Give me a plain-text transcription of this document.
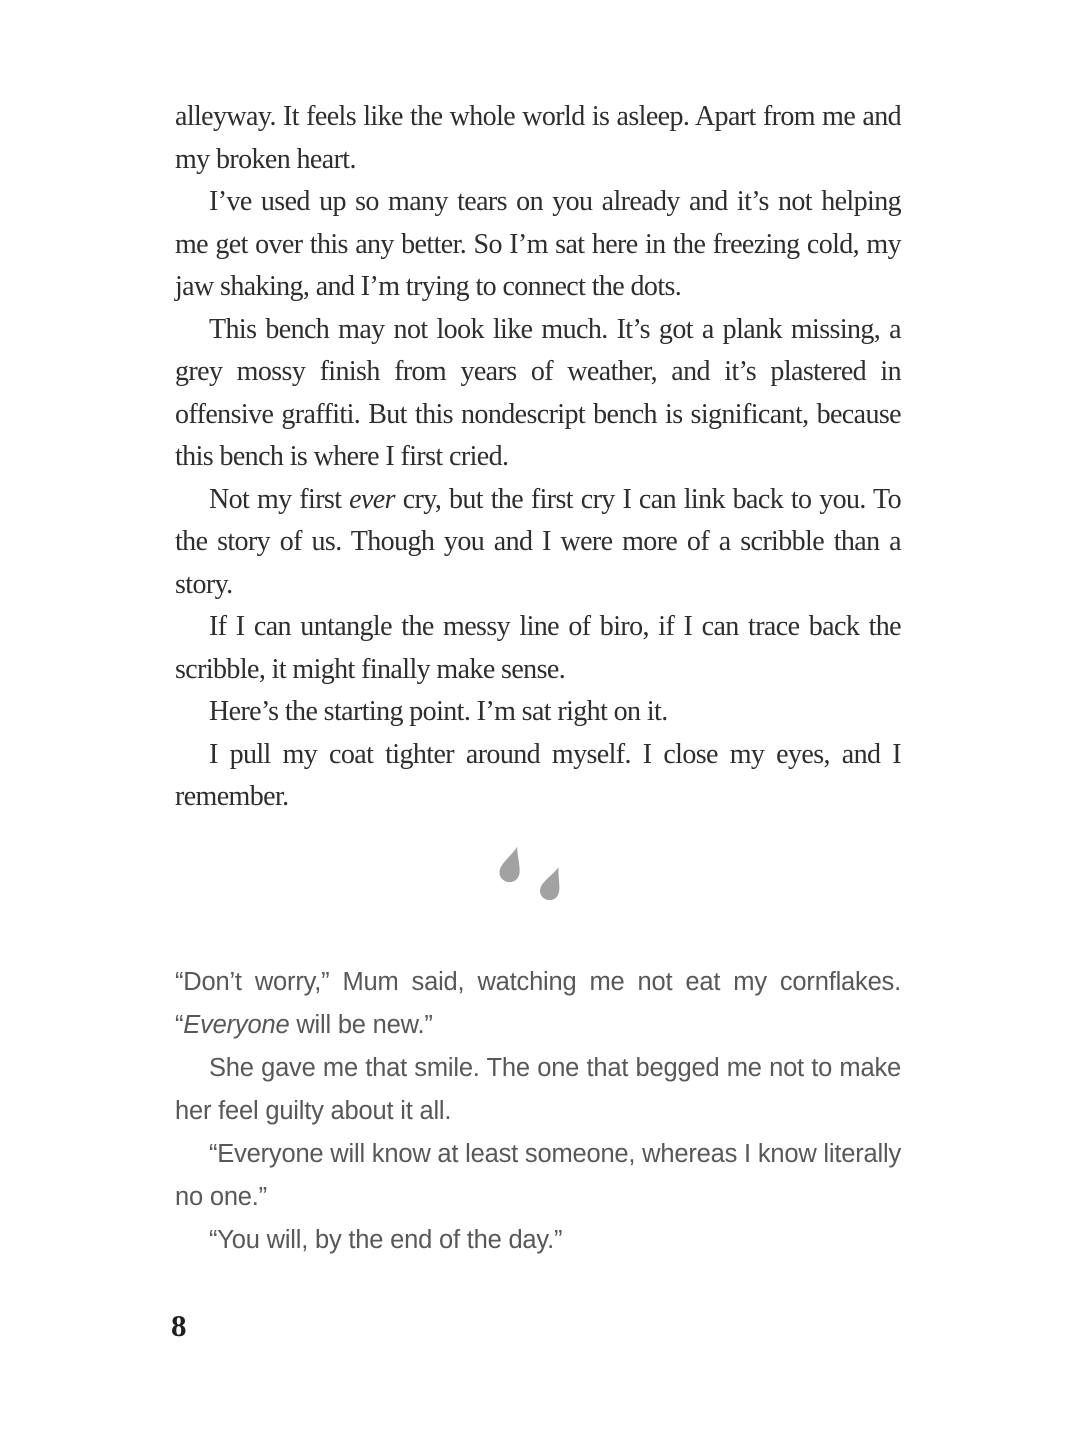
alleyway. It feels like the whole world is asleep. Apart from me and my broken heart.

I’ve used up so many tears on you already and it’s not helping me get over this any better. So I’m sat here in the freezing cold, my jaw shaking, and I’m trying to connect the dots.

This bench may not look like much. It’s got a plank missing, a grey mossy finish from years of weather, and it’s plastered in offensive graffiti. But this nondescript bench is significant, because this bench is where I first cried.

Not my first ever cry, but the first cry I can link back to you. To the story of us. Though you and I were more of a scribble than a story.

If I can untangle the messy line of biro, if I can trace back the scribble, it might finally make sense.

Here’s the starting point. I’m sat right on it.

I pull my coat tighter around myself. I close my eyes, and I remember.

“Don’t worry,” Mum said, watching me not eat my cornflakes. “Everyone will be new.”

She gave me that smile. The one that begged me not to make her feel guilty about it all.

“Everyone will know at least someone, whereas I know literally no one.”

“You will, by the end of the day.”

8
